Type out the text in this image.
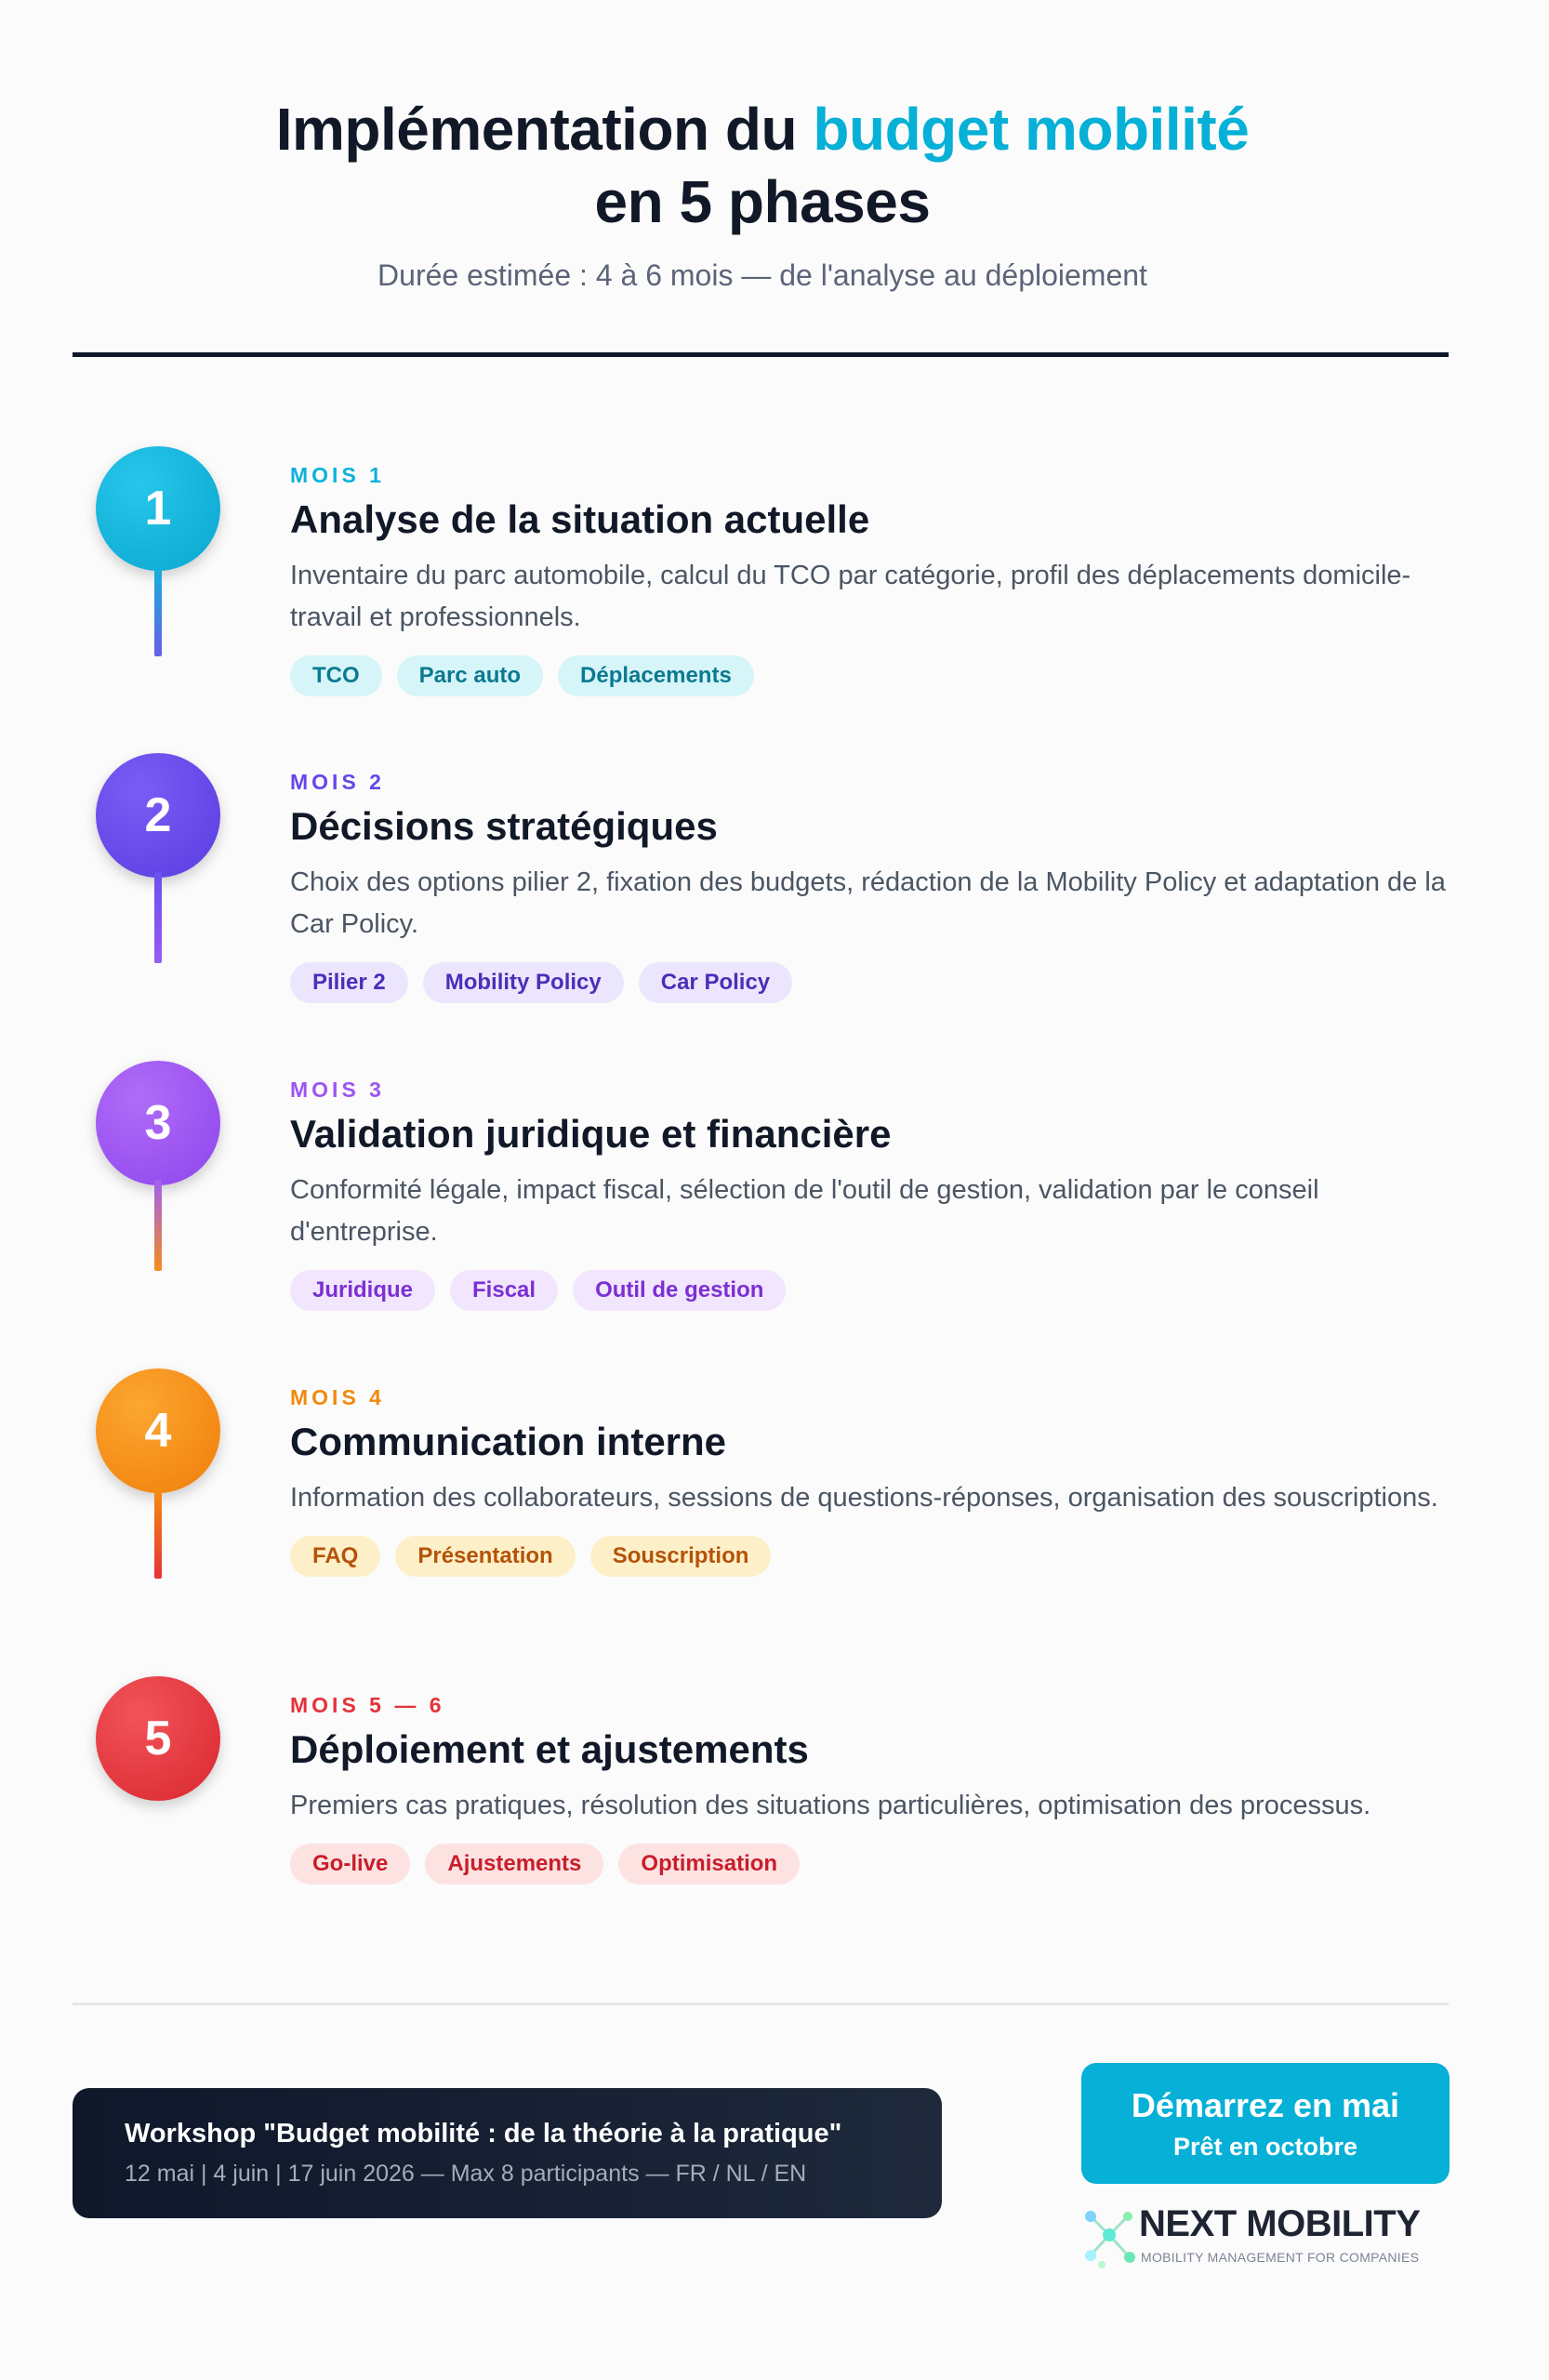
Implémentation du budget mobilité
en 5 phases
Durée estimée : 4 à 6 mois — de l'analyse au déploiement
1
MOIS 1
Analyse de la situation actuelle
Inventaire du parc automobile, calcul du TCO par catégorie, profil des déplacements domicile-travail et professionnels.
TCO	Parc auto	Déplacements
2
MOIS 2
Décisions stratégiques
Choix des options pilier 2, fixation des budgets, rédaction de la Mobility Policy et adaptation de la Car Policy.
Pilier 2	Mobility Policy	Car Policy
3
MOIS 3
Validation juridique et financière
Conformité légale, impact fiscal, sélection de l'outil de gestion, validation par le conseil d'entreprise.
Juridique	Fiscal	Outil de gestion
4
MOIS 4
Communication interne
Information des collaborateurs, sessions de questions-réponses, organisation des souscriptions.
FAQ	Présentation	Souscription
5
MOIS 5 — 6
Déploiement et ajustements
Premiers cas pratiques, résolution des situations particulières, optimisation des processus.
Go-live	Ajustements	Optimisation
Workshop "Budget mobilité : de la théorie à la pratique"
12 mai | 4 juin | 17 juin 2026 — Max 8 participants — FR / NL / EN
Démarrez en mai
Prêt en octobre
NEXT MOBILITY
MOBILITY MANAGEMENT FOR COMPANIES
